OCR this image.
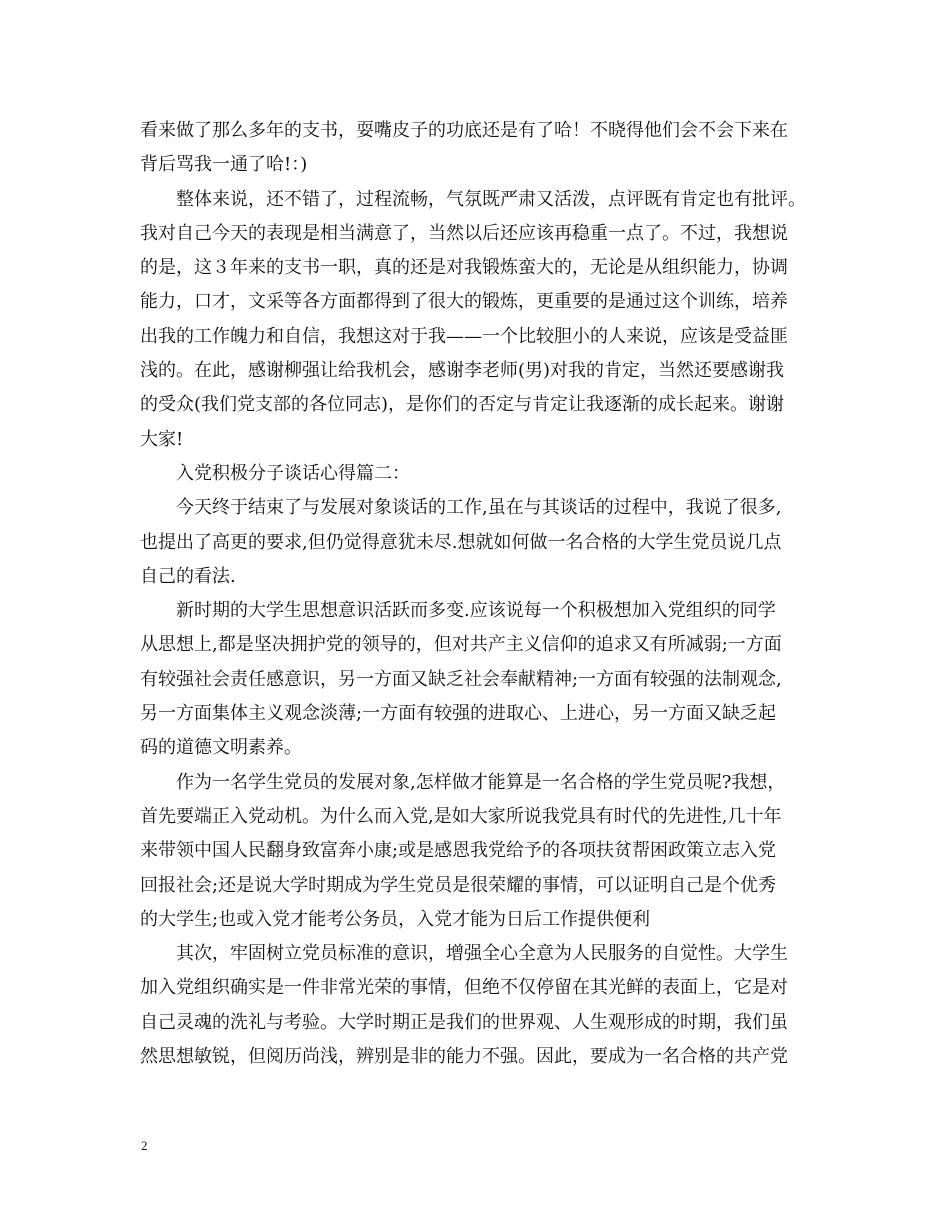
看来做了那么多年的支书，耍嘴皮子的功底还是有了哈！不晓得他们会不会下来在
背后骂我一通了哈!：)
整体来说，还不错了，过程流畅，气氛既严肃又活泼，点评既有肯定也有批评。
我对自己今天的表现是相当满意了，当然以后还应该再稳重一点了。不过，我想说
的是，这３年来的支书一职，真的还是对我锻炼蛮大的，无论是从组织能力，协调
能力，口才，文采等各方面都得到了很大的锻炼，更重要的是通过这个训练，培养
出我的工作魄力和自信，我想这对于我——一个比较胆小的人来说，应该是受益匪
浅的。在此，感谢柳强让给我机会，感谢李老师(男)对我的肯定，当然还要感谢我
的受众(我们党支部的各位同志)，是你们的否定与肯定让我逐渐的成长起来。谢谢
大家!
入党积极分子谈话心得篇二：
今天终于结束了与发展对象谈话的工作,虽在与其谈话的过程中，我说了很多,
也提出了高更的要求,但仍觉得意犹未尽.想就如何做一名合格的大学生党员说几点
自己的看法.
新时期的大学生思想意识活跃而多变.应该说每一个积极想加入党组织的同学
从思想上,都是坚决拥护党的领导的，但对共产主义信仰的追求又有所减弱;一方面
有较强社会责任感意识，另一方面又缺乏社会奉献精神;一方面有较强的法制观念,
另一方面集体主义观念淡薄;一方面有较强的进取心、上进心，另一方面又缺乏起
码的道德文明素养。
作为一名学生党员的发展对象,怎样做才能算是一名合格的学生党员呢?我想，
首先要端正入党动机。为什么而入党,是如大家所说我党具有时代的先进性,几十年
来带领中国人民翻身致富奔小康;或是感恩我党给予的各项扶贫帮困政策立志入党
回报社会;还是说大学时期成为学生党员是很荣耀的事情，可以证明自己是个优秀
的大学生;也或入党才能考公务员，入党才能为日后工作提供便利
其次，牢固树立党员标准的意识，增强全心全意为人民服务的自觉性。大学生
加入党组织确实是一件非常光荣的事情，但绝不仅停留在其光鲜的表面上，它是对
自己灵魂的洗礼与考验。大学时期正是我们的世界观、人生观形成的时期，我们虽
然思想敏锐，但阅历尚浅，辨别是非的能力不强。因此，要成为一名合格的共产党
2
